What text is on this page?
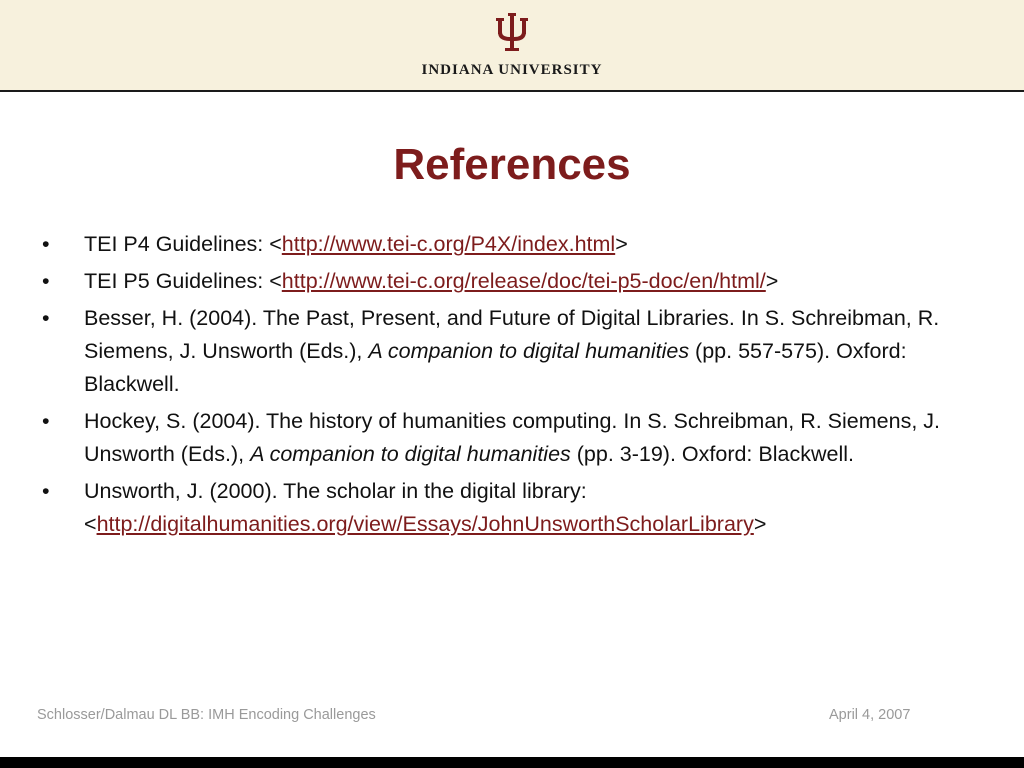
INDIANA UNIVERSITY
References
• TEI P4 Guidelines: <http://www.tei-c.org/P4X/index.html>
• TEI P5 Guidelines: <http://www.tei-c.org/release/doc/tei-p5-doc/en/html/>
• Besser, H. (2004). The Past, Present, and Future of Digital Libraries. In S. Schreibman, R. Siemens, J. Unsworth (Eds.), A companion to digital humanities (pp. 557-575). Oxford: Blackwell.
• Hockey, S. (2004). The history of humanities computing. In S. Schreibman, R. Siemens, J. Unsworth (Eds.), A companion to digital humanities (pp. 3-19). Oxford: Blackwell.
• Unsworth, J. (2000). The scholar in the digital library: <http://digitalhumanities.org/view/Essays/JohnUnsworthScholarLibrary>
Schlosser/Dalmau DL BB: IMH Encoding Challenges	April 4, 2007
